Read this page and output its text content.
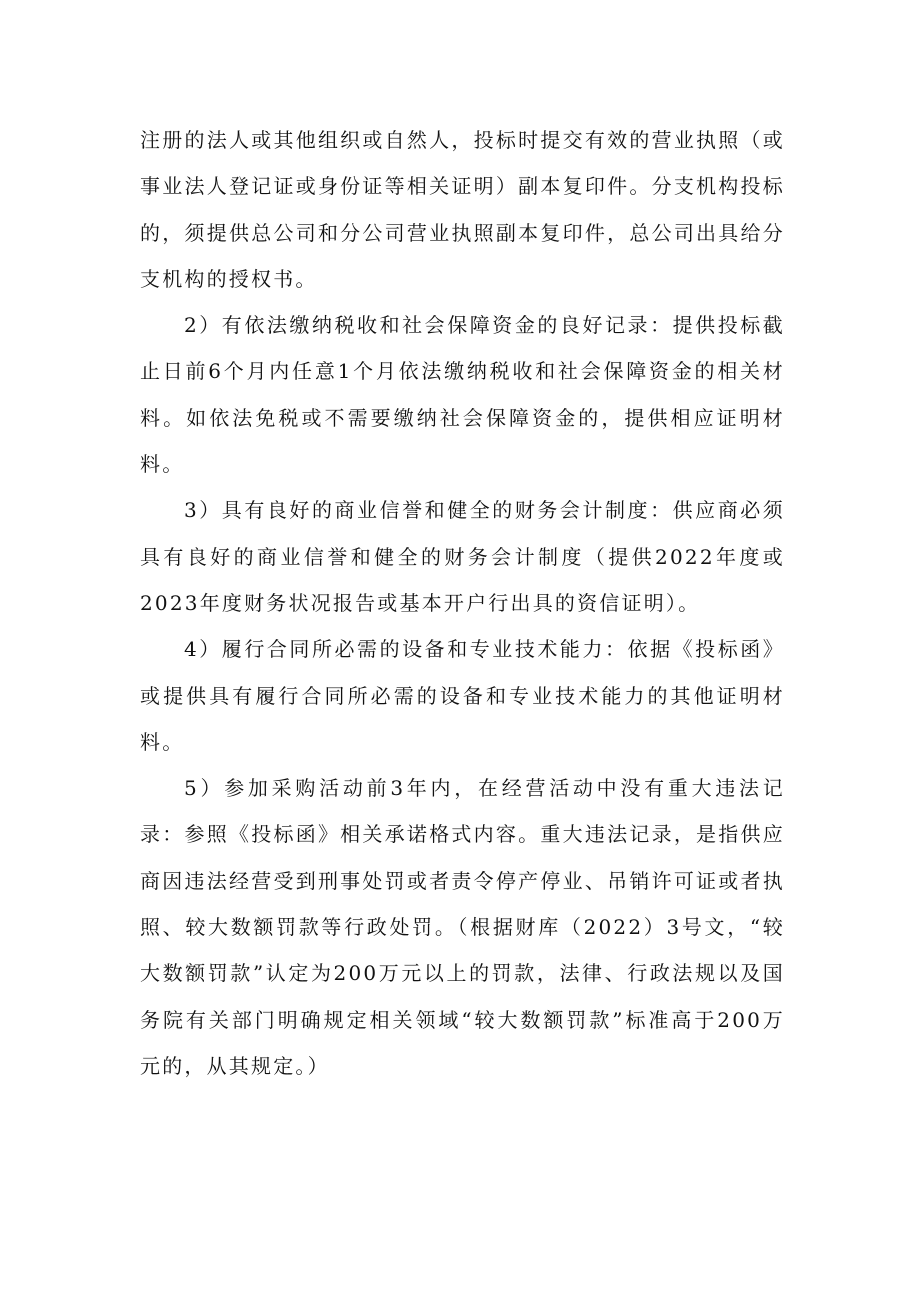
注册的法人或其他组织或自然人，投标时提交有效的营业执照（或事业法人登记证或身份证等相关证明）副本复印件。分支机构投标的，须提供总公司和分公司营业执照副本复印件，总公司出具给分支机构的授权书。

2）有依法缴纳税收和社会保障资金的良好记录：提供投标截止日前6个月内任意1个月依法缴纳税收和社会保障资金的相关材料。如依法免税或不需要缴纳社会保障资金的，提供相应证明材料。

3）具有良好的商业信誉和健全的财务会计制度：供应商必须具有良好的商业信誉和健全的财务会计制度（提供2022年度或2023年度财务状况报告或基本开户行出具的资信证明）。

4）履行合同所必需的设备和专业技术能力：依据《投标函》或提供具有履行合同所必需的设备和专业技术能力的其他证明材料。

5）参加采购活动前3年内，在经营活动中没有重大违法记录：参照《投标函》相关承诺格式内容。重大违法记录，是指供应商因违法经营受到刑事处罚或者责令停产停业、吊销许可证或者执照、较大数额罚款等行政处罚。（根据财库（2022）3号文，“较大数额罚款”认定为200万元以上的罚款，法律、行政法规以及国务院有关部门明确规定相关领域“较大数额罚款”标准高于200万元的，从其规定。）
